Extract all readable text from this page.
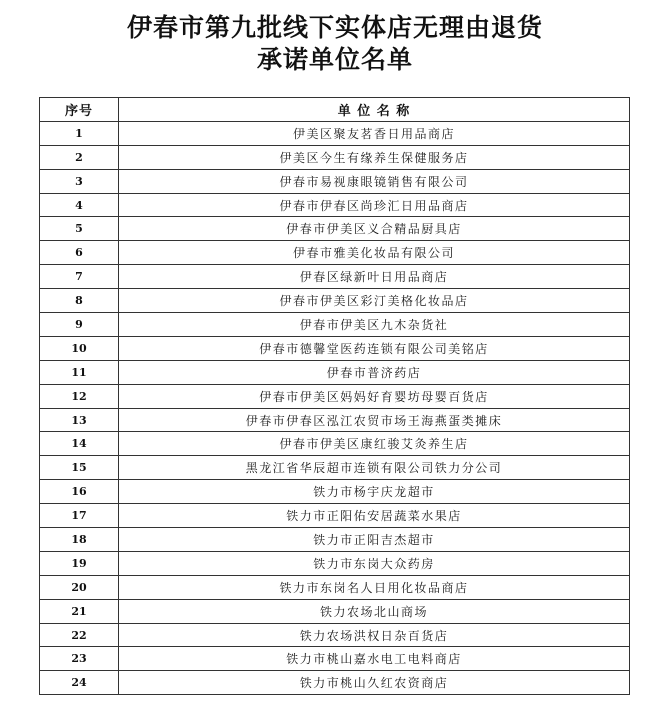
伊春市第九批线下实体店无理由退货
承诺单位名单
序号	单 位 名 称
1	伊美区聚友茗香日用品商店
2	伊美区今生有缘养生保健服务店
3	伊春市易视康眼镜销售有限公司
4	伊春市伊春区尚珍汇日用品商店
5	伊春市伊美区义合精品厨具店
6	伊春市雅美化妆品有限公司
7	伊春区绿新叶日用品商店
8	伊春市伊美区彩汀美格化妆品店
9	伊春市伊美区九木杂货社
10	伊春市德馨堂医药连锁有限公司美铭店
11	伊春市普济药店
12	伊春市伊美区妈妈好育婴坊母婴百货店
13	伊春市伊春区泓江农贸市场王海燕蛋类摊床
14	伊春市伊美区康红骏艾灸养生店
15	黑龙江省华辰超市连锁有限公司铁力分公司
16	铁力市杨宇庆龙超市
17	铁力市正阳佑安居蔬菜水果店
18	铁力市正阳吉杰超市
19	铁力市东岗大众药房
20	铁力市东岗名人日用化妆品商店
21	铁力农场北山商场
22	铁力农场洪权日杂百货店
23	铁力市桃山嘉水电工电料商店
24	铁力市桃山久红农资商店
